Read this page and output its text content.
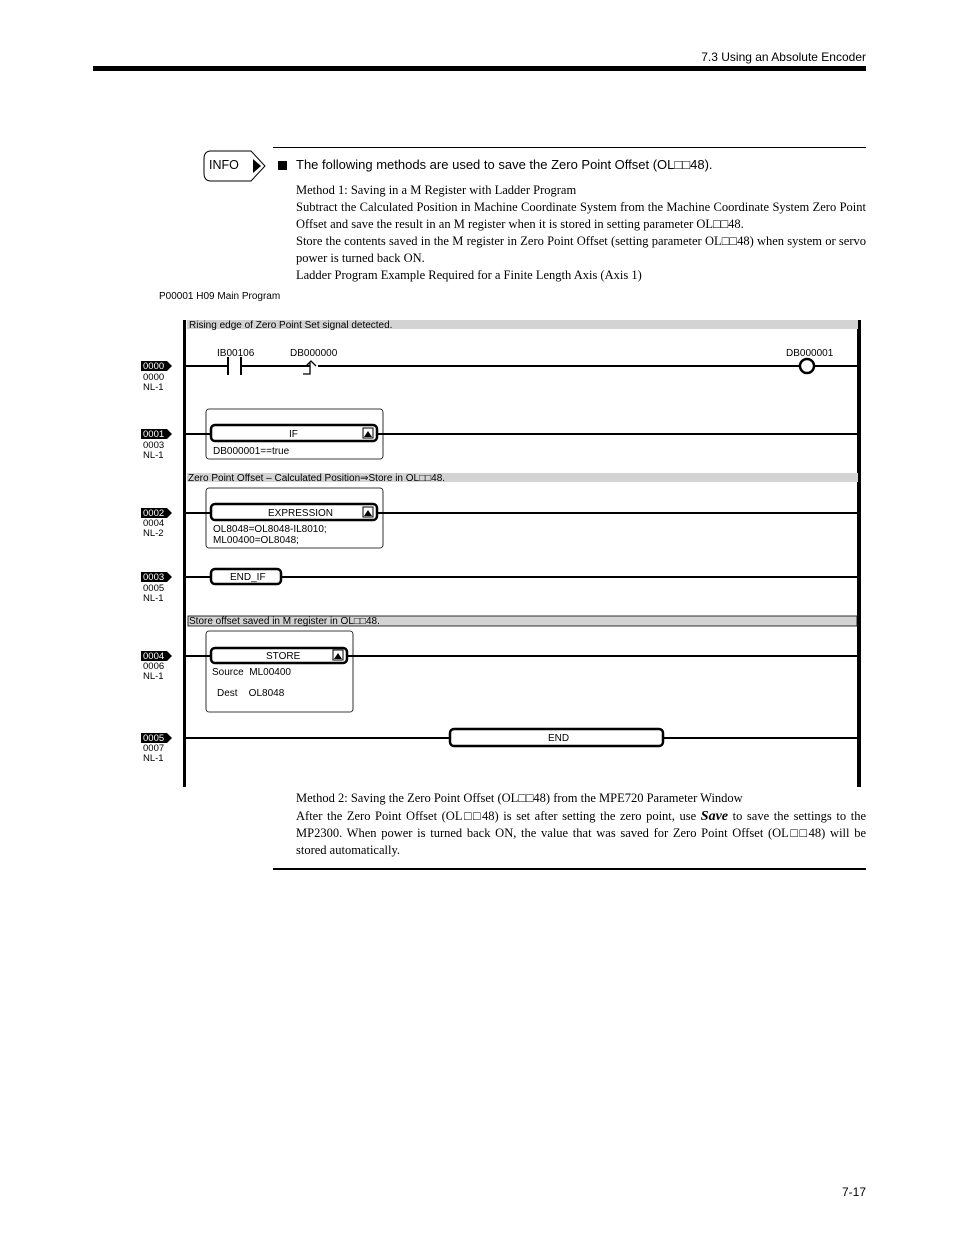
7.3 Using an Absolute Encoder
INFO	The following methods are used to save the Zero Point Offset (OL□□48).
Method 1: Saving in a M Register with Ladder Program
Subtract the Calculated Position in Machine Coordinate System from the Machine Coordinate System Zero Point Offset and save the result in an M register when it is stored in setting parameter OL□□48.
Store the contents saved in the M register in Zero Point Offset (setting parameter OL□□48) when system or servo power is turned back ON.
Ladder Program Example Required for a Finite Length Axis (Axis 1)
P00001 H09 Main Program
Rising edge of Zero Point Set signal detected.
Zero Point Offset – Calculated Position⇒Store in OL□□48.
Store offset saved in M register in OL□□48.
0000
0000
NL-1
0001
0003
NL-1
0002
0004
NL-2
0003
0005
NL-1
0004
0006
NL-1
0005
0007
NL-1
IB00106	DB000000	DB000001
IF
DB000001==true
EXPRESSION
OL8048=OL8048-IL8010;
ML00400=OL8048;
END_IF
STORE
Source  ML00400
Dest    OL8048
END
Method 2: Saving the Zero Point Offset (OL□□48) from the MPE720 Parameter Window
After the Zero Point Offset (OL□□48) is set after setting the zero point, use Save to save the settings to the MP2300. When power is turned back ON, the value that was saved for Zero Point Offset (OL□□48) will be stored automatically.
7-17
